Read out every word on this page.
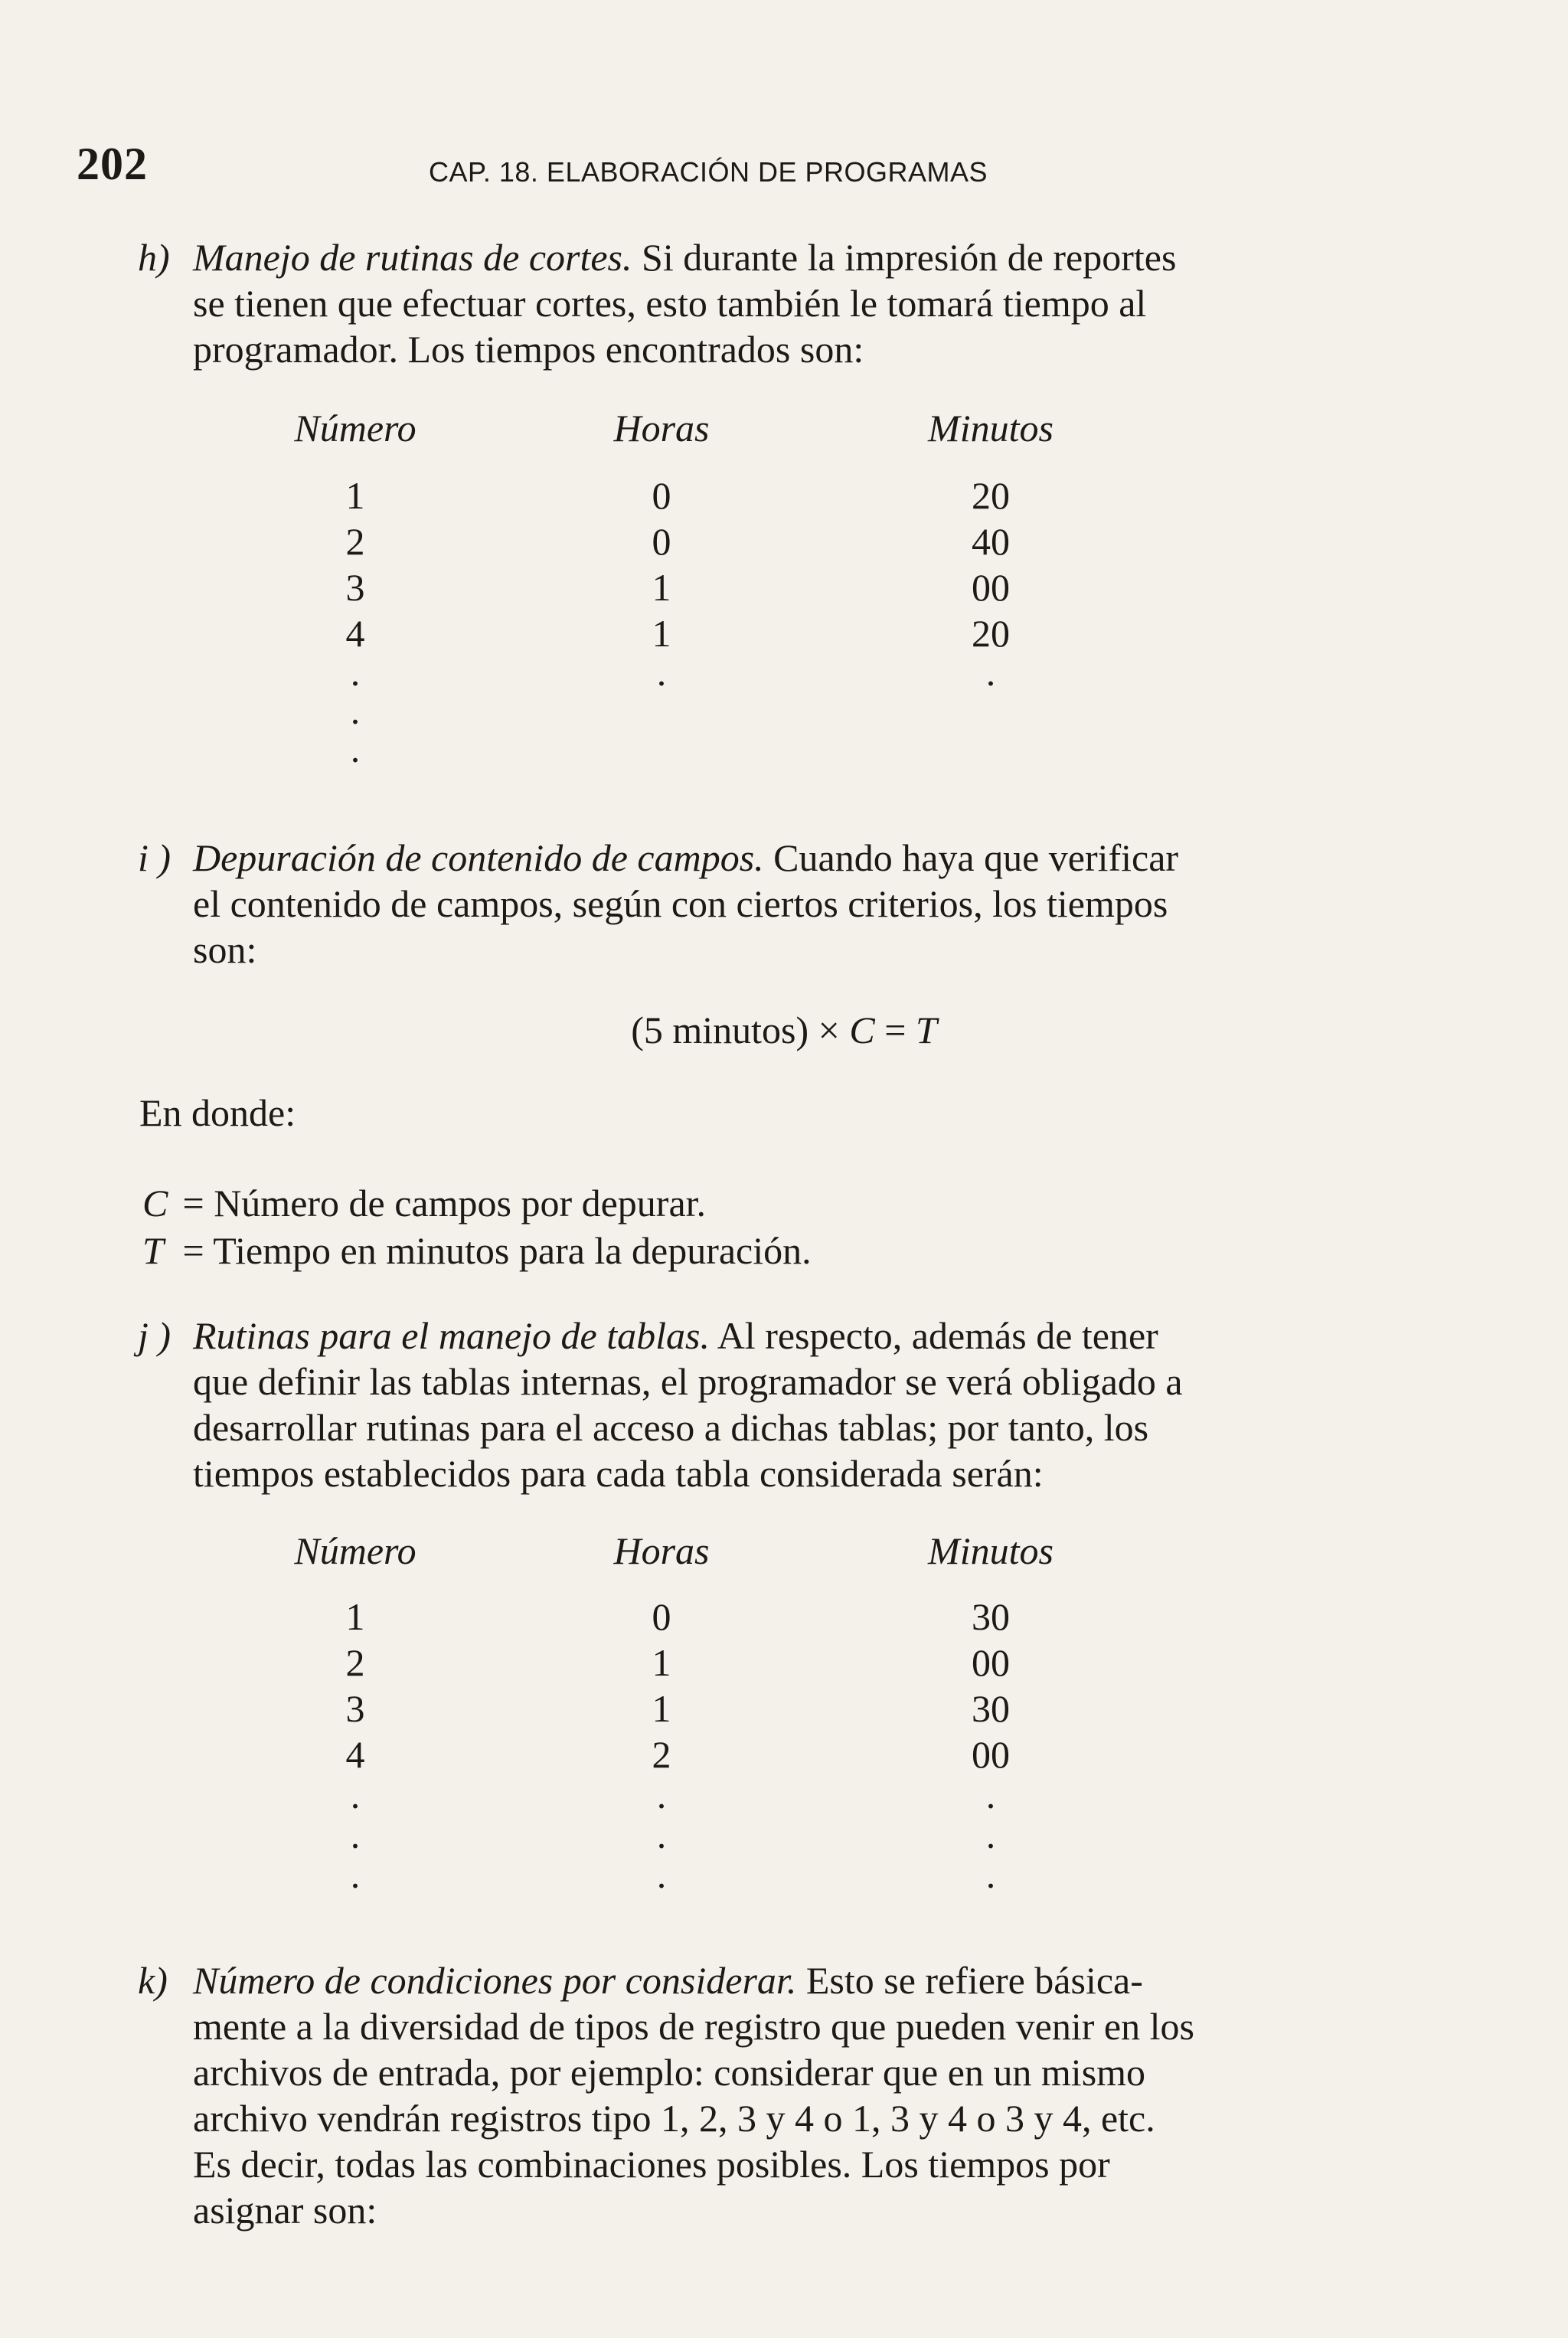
202	CAP. 18. ELABORACIÓN DE PROGRAMAS
h) Manejo de rutinas de cortes. Si durante la impresión de reportes
se tienen que efectuar cortes, esto también le tomará tiempo al
programador. Los tiempos encontrados son:
Número	Horas	Minutos
1	0	20
2	0	40
3	1	00
4	1	20
.	.	.
.
.
i ) Depuración de contenido de campos. Cuando haya que verificar
el contenido de campos, según con ciertos criterios, los tiempos
son:
(5 minutos) × C = T
En donde:
C = Número de campos por depurar.
T = Tiempo en minutos para la depuración.
j ) Rutinas para el manejo de tablas. Al respecto, además de tener
que definir las tablas internas, el programador se verá obligado a
desarrollar rutinas para el acceso a dichas tablas; por tanto, los
tiempos establecidos para cada tabla considerada serán:
Número	Horas	Minutos
1	0	30
2	1	00
3	1	30
4	2	00
.	.	.
.	.	.
.	.	.
k) Número de condiciones por considerar. Esto se refiere básica-
mente a la diversidad de tipos de registro que pueden venir en los
archivos de entrada, por ejemplo: considerar que en un mismo
archivo vendrán registros tipo 1, 2, 3 y 4 o 1, 3 y 4 o 3 y 4, etc.
Es decir, todas las combinaciones posibles. Los tiempos por
asignar son:
